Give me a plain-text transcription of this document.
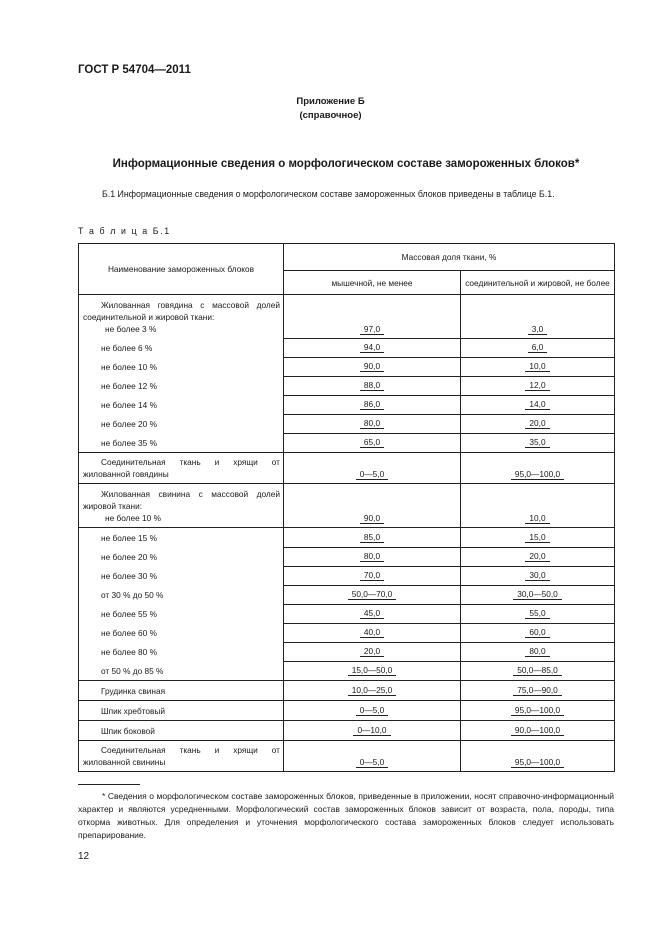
ГОСТ Р 54704—2011
Приложение Б
(справочное)
Информационные сведения о морфологическом составе замороженных блоков*
Б.1 Информационные сведения о морфологическом составе замороженных блоков приведены в таблице Б.1.
Т а б л и ц а Б.1
Наименование замороженных блоков	Массовая доля ткани, %	
	мышечной, не менее	соединительной и жировой, не более

Жилованная говядина с массовой долей соединительной и жировой ткани:
не более 3 %	97,0	3,0
не более 6 %	94,0	6,0
не более 10 %	90,0	10,0
не более 12 %	88,0	12,0
не более 14 %	86,0	14,0
не более 20 %	80,0	20,0
не более 35 %	65,0	35,0

Соединительная ткань и хрящи от жилованной говядины	0—5,0	95,0—100,0

Жилованная свинина с массовой долей жировой ткани:
не более 10 %	90,0	10,0
не более 15 %	85,0	15,0
не более 20 %	80,0	20,0
не более 30 %	70,0	30,0
от 30 % до 50 %	50,0—70,0	30,0—50,0
не более 55 %	45,0	55,0
не более 60 %	40,0	60,0
не более 80 %	20,0	80,0
от 50 % до 85 %	15,0—50,0	50,0—85,0

Грудинка свиная	10,0—25,0	75,0—90,0

Шпик хребтовый	0—5,0	95,0—100,0

Шпик боковой	0—10,0	90,0—100,0

Соединительная ткань и хрящи от жилованной свинины	0—5,0	95,0—100,0
* Сведения о морфологическом составе замороженных блоков, приведенные в приложении, носят справочно-информационный характер и являются усредненными. Морфологический состав замороженных блоков зависит от возраста, пола, породы, типа откорма животных. Для определения и уточнения морфологического состава замороженных блоков следует использовать препарирование.
12
